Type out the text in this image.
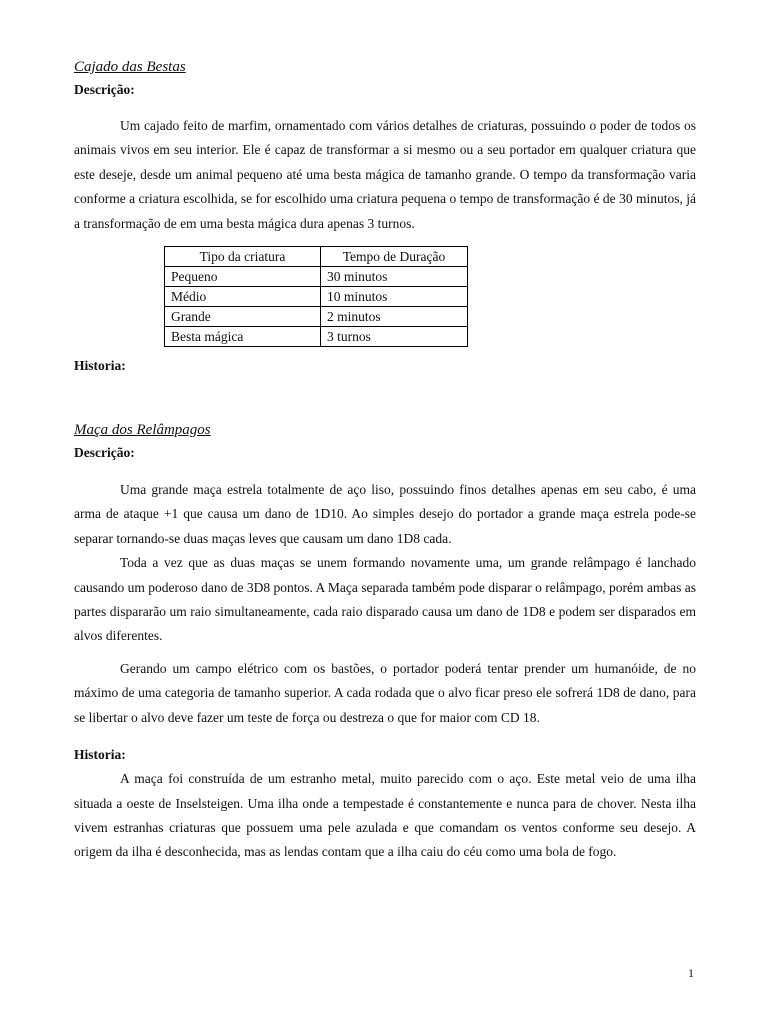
Cajado das Bestas

Descrição:

Um cajado feito de marfim, ornamentado com vários detalhes de criaturas, possuindo o poder de todos os animais vivos em seu interior. Ele é capaz de transformar a si mesmo ou a seu portador em qualquer criatura que este deseje, desde um animal pequeno até uma besta mágica de tamanho grande. O tempo da transformação varia conforme a criatura escolhida, se for escolhido uma criatura pequena o tempo de transformação é de 30 minutos, já a transformação de em uma besta mágica dura apenas 3 turnos.

Tipo da criatura	Tempo de Duração
Pequeno	30 minutos
Médio	10 minutos
Grande	2 minutos
Besta mágica	3 turnos

Historia:

Maça dos Relâmpagos

Descrição:

Uma grande maça estrela totalmente de aço liso, possuindo finos detalhes apenas em seu cabo, é uma arma de ataque +1 que causa um dano de 1D10. Ao simples desejo do portador a grande maça estrela pode-se separar tornando-se duas maças leves que causam um dano 1D8 cada.

Toda a vez que as duas maças se unem formando novamente uma, um grande relâmpago é lanchado causando um poderoso dano de 3D8 pontos. A Maça separada também pode disparar o relâmpago, porém ambas as partes dispararão um raio simultaneamente, cada raio disparado causa um dano de 1D8 e podem ser disparados em alvos diferentes.

Gerando um campo elétrico com os bastões, o portador poderá tentar prender um humanóide, de no máximo de uma categoria de tamanho superior. A cada rodada que o alvo ficar preso ele sofrerá 1D8 de dano, para se libertar o alvo deve fazer um teste de força ou destreza o que for maior com CD 18.

Historia:

A maça foi construída de um estranho metal, muito parecido com o aço. Este metal veio de uma ilha situada a oeste de Inselsteigen. Uma ilha onde a tempestade é constantemente e nunca para de chover. Nesta ilha vivem estranhas criaturas que possuem uma pele azulada e que comandam os ventos conforme seu desejo. A origem da ilha é desconhecida, mas as lendas contam que a ilha caiu do céu como uma bola de fogo.

1
